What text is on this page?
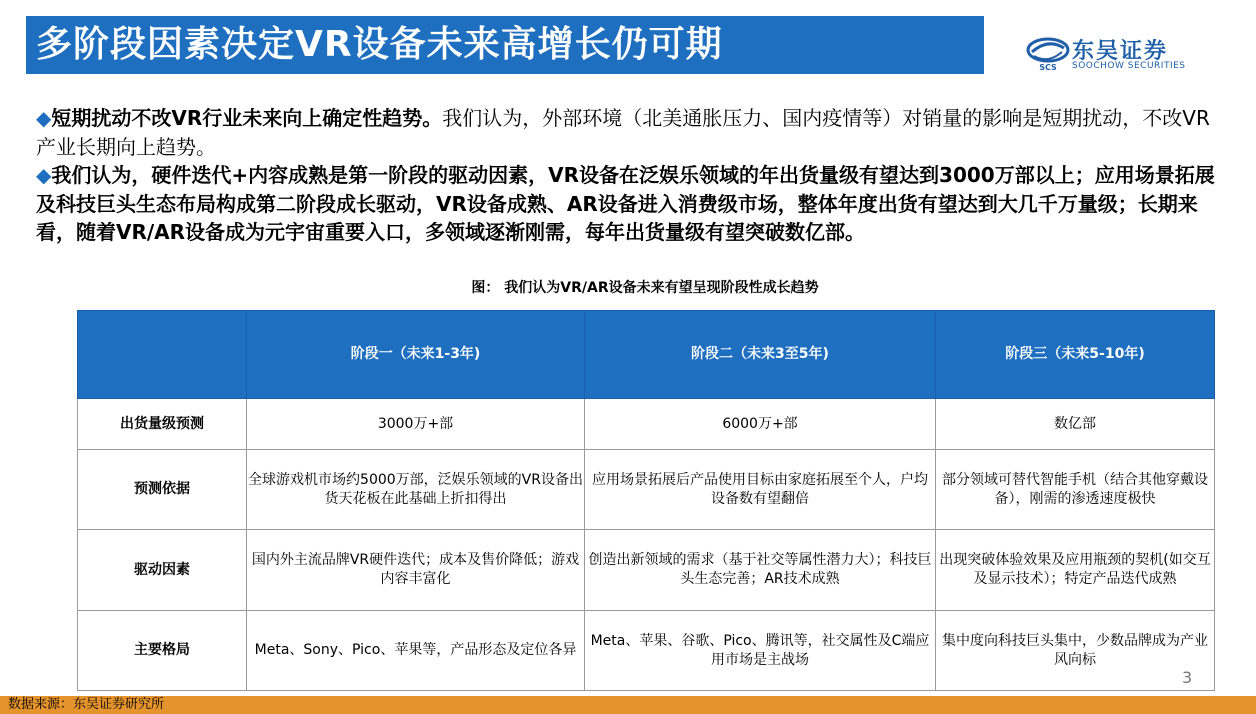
多阶段因素决定VR设备未来高增长仍可期
SCS
东吴证券
SOOCHOW SECURITIES
◆短期扰动不改VR行业未来向上确定性趋势。我们认为，外部环境（北美通胀压力、国内疫情等）对销量的影响是短期扰动，不改VR产业长期向上趋势。
◆我们认为，硬件迭代+内容成熟是第一阶段的驱动因素，VR设备在泛娱乐领域的年出货量级有望达到3000万部以上；应用场景拓展及科技巨头生态布局构成第二阶段成长驱动，VR设备成熟、AR设备进入消费级市场，整体年度出货有望达到大几千万量级；长期来看，随着VR/AR设备成为元宇宙重要入口，多领域逐渐刚需，每年出货量级有望突破数亿部。
图： 我们认为VR/AR设备未来有望呈现阶段性成长趋势
	阶段一（未来1-3年)	阶段二（未来3至5年)	阶段三（未来5-10年)
出货量级预测	3000万+部	6000万+部	数亿部
预测依据	全球游戏机市场约5000万部，泛娱乐领域的VR设备出货天花板在此基础上折扣得出	应用场景拓展后产品使用目标由家庭拓展至个人，户均设备数有望翻倍	部分领域可替代智能手机（结合其他穿戴设备），刚需的渗透速度极快
驱动因素	国内外主流品牌VR硬件迭代；成本及售价降低；游戏内容丰富化	创造出新领域的需求（基于社交等属性潜力大）；科技巨头生态完善；AR技术成熟	出现突破体验效果及应用瓶颈的契机(如交互及显示技术）；特定产品迭代成熟
主要格局	Meta、Sony、Pico、苹果等，产品形态及定位各异	Meta、苹果、谷歌、Pico、腾讯等，社交属性及C端应用市场是主战场	集中度向科技巨头集中，少数品牌成为产业风向标
3
数据来源：东吴证券研究所
